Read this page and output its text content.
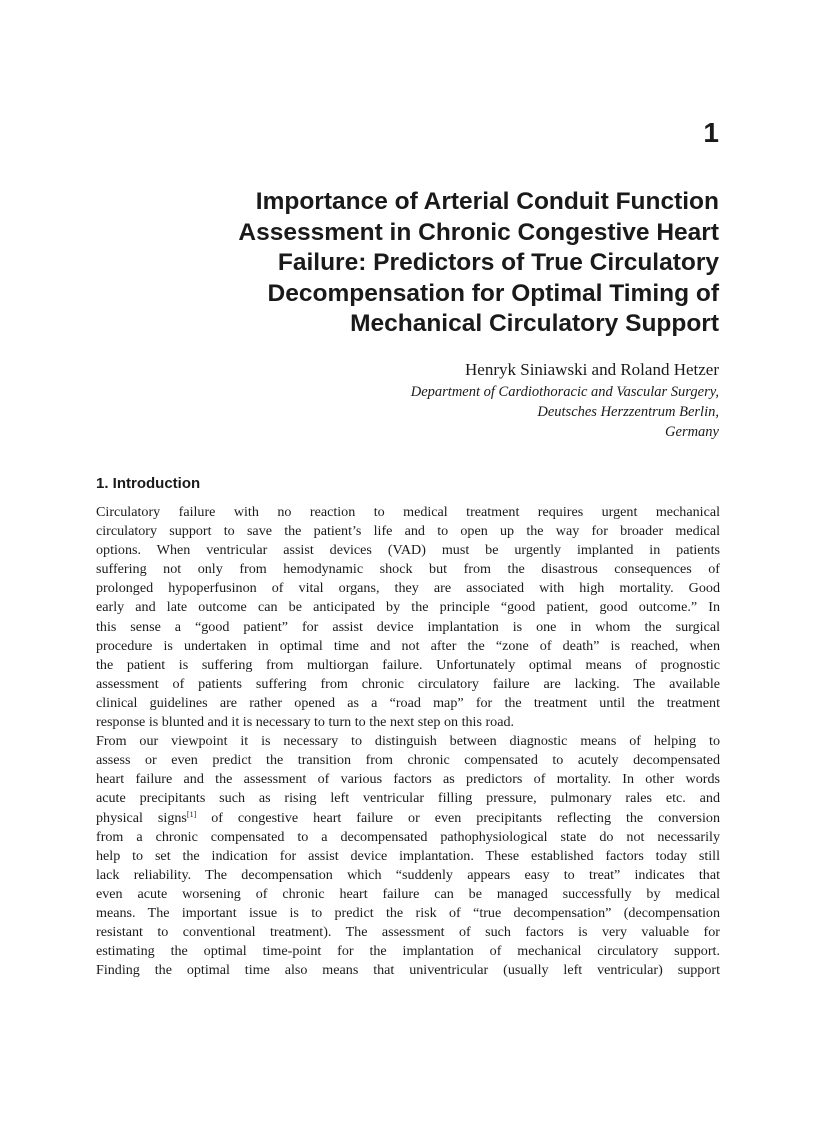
1
Importance of Arterial Conduit Function
Assessment in Chronic Congestive Heart
Failure: Predictors of True Circulatory
Decompensation for Optimal Timing of
Mechanical Circulatory Support

Henryk Siniawski and Roland Hetzer

Department of Cardiothoracic and Vascular Surgery,
Deutsches Herzzentrum Berlin,
Germany

1. Introduction

Circulatory failure with no reaction to medical treatment requires urgent mechanical
circulatory support to save the patient’s life and to open up the way for broader medical
options. When ventricular assist devices (VAD) must be urgently implanted in patients
suffering not only from hemodynamic shock but from the disastrous consequences of
prolonged hypoperfusinon of vital organs, they are associated with high mortality. Good
early and late outcome can be anticipated by the principle “good patient, good outcome.” In
this sense a “good patient” for assist device implantation is one in whom the surgical
procedure is undertaken in optimal time and not after the “zone of death” is reached, when
the patient is suffering from multiorgan failure. Unfortunately optimal means of prognostic
assessment of patients suffering from chronic circulatory failure are lacking. The available
clinical guidelines are rather opened as a “road map” for the treatment until the treatment
response is blunted and it is necessary to turn to the next step on this road.

From our viewpoint it is necessary to distinguish between diagnostic means of helping to
assess or even predict the transition from chronic compensated to acutely decompensated
heart failure and the assessment of various factors as predictors of mortality. In other words
acute precipitants such as rising left ventricular filling pressure, pulmonary rales etc. and
physical signs[1] of congestive heart failure or even precipitants reflecting the conversion
from a chronic compensated to a decompensated pathophysiological state do not necessarily
help to set the indication for assist device implantation. These established factors today still
lack reliability. The decompensation which “suddenly appears easy to treat” indicates that
even acute worsening of chronic heart failure can be managed successfully by medical
means. The important issue is to predict the risk of “true decompensation” (decompensation
resistant to conventional treatment). The assessment of such factors is very valuable for
estimating the optimal time-point for the implantation of mechanical circulatory support.
Finding the optimal time also means that univentricular (usually left ventricular) support
